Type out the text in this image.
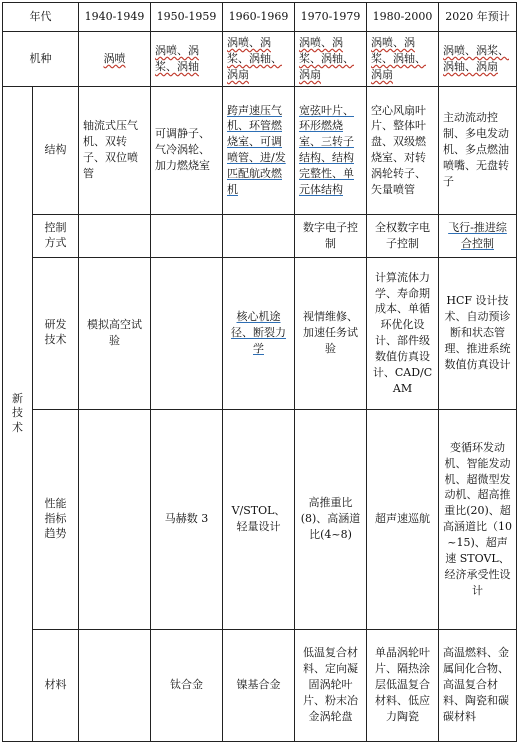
年代		1940-1949	1950-1959	1960-1969	1970-1979	1980-2000	2020 年预计
机种		涡喷	涡喷、涡桨、涡轴	涡喷、涡桨、涡轴、涡扇	涡喷、涡桨、涡轴、涡扇	涡喷、涡桨、涡轴、涡扇	涡喷、涡桨、涡轴、涡扇
新技术	结构	轴流式压气机、双转子、双位喷管	可调静子、气冷涡轮、加力燃烧室	跨声速压气机、环管燃烧室、可调喷管、进/发匹配航改燃机	宽弦叶片、环形燃烧室、三转子结构、结构完整性、单元体结构	空心风扇叶片、整体叶盘、双级燃烧室、对转涡轮转子、矢量喷管	主动流动控制、多电发动机、多点燃油喷嘴、无盘转子
	控制方式				数字电子控制	全权数字电子控制	飞行-推进综合控制
	研发技术	模拟高空试验		核心机途径、断裂力学	视情维修、加速任务试验	计算流体力学、寿命期成本、单循环优化设计、部件级数值仿真设计、CAD/CAM	HCF 设计技术、自动预诊断和状态管理、推进系统数值仿真设计
	性能指标趋势		马赫数 3	V/STOL、轻量设计	高推重比(8)、高涵道比(4~8)	超声速巡航	变循环发动机、智能发动机、超微型发动机、超高推重比(20)、超高涵道比（10~15)、超声速 STOVL、经济承受性设计
	材料		钛合金	镍基合金	低温复合材料、定向凝固涡轮叶片、粉末冶金涡轮盘	单晶涡轮叶片、隔热涂层低温复合材料、低应力陶瓷	高温燃料、金属间化合物、高温复合材料、陶瓷和碳碳材料
